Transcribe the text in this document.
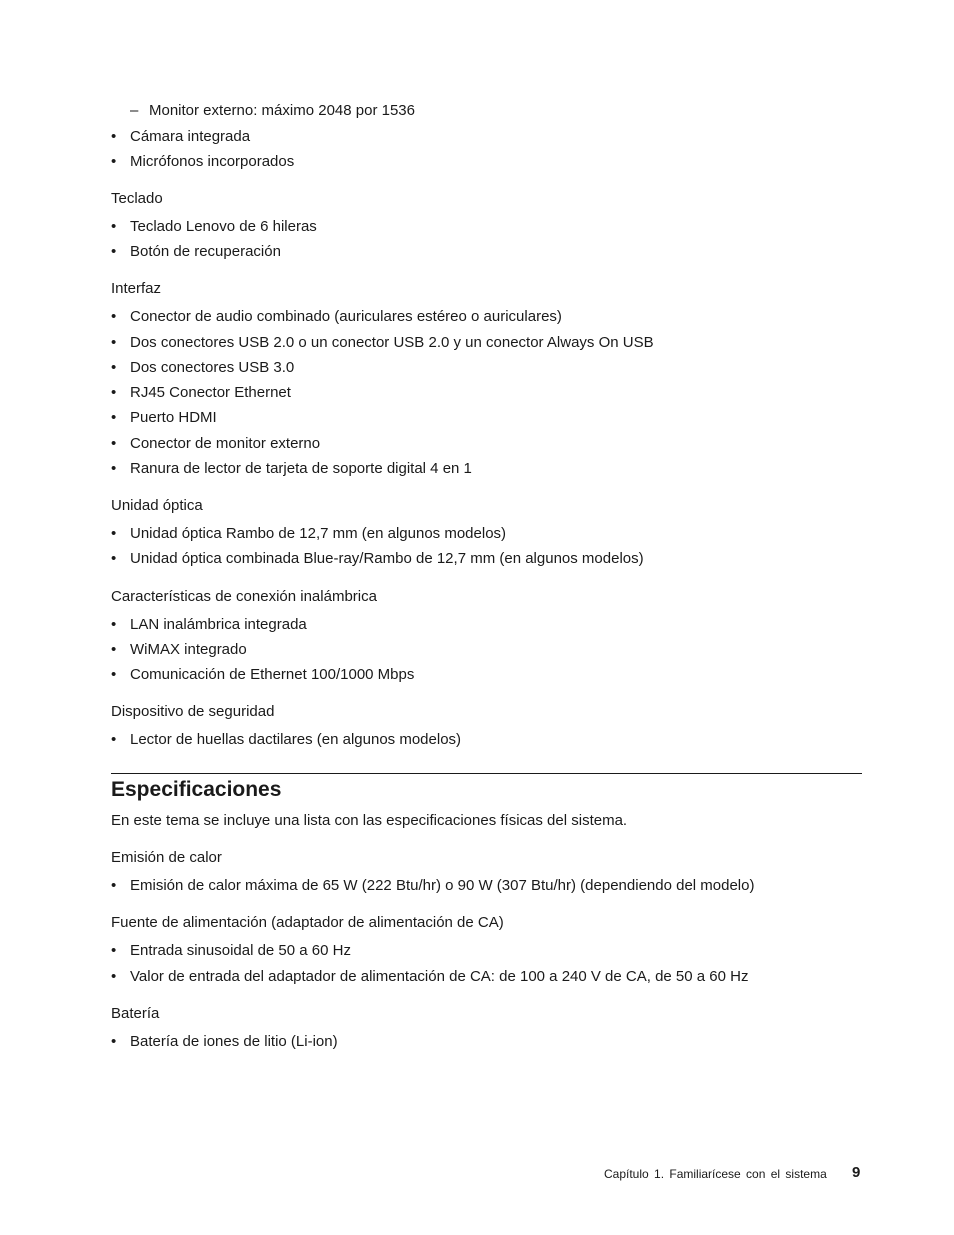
– Monitor externo: máximo 2048 por 1536
• Cámara integrada
• Micrófonos incorporados
Teclado
• Teclado Lenovo de 6 hileras
• Botón de recuperación
Interfaz
• Conector de audio combinado (auriculares estéreo o auriculares)
• Dos conectores USB 2.0 o un conector USB 2.0 y un conector Always On USB
• Dos conectores USB 3.0
• RJ45 Conector Ethernet
• Puerto HDMI
• Conector de monitor externo
• Ranura de lector de tarjeta de soporte digital 4 en 1
Unidad óptica
• Unidad óptica Rambo de 12,7 mm (en algunos modelos)
• Unidad óptica combinada Blue-ray/Rambo de 12,7 mm (en algunos modelos)
Características de conexión inalámbrica
• LAN inalámbrica integrada
• WiMAX integrado
• Comunicación de Ethernet 100/1000 Mbps
Dispositivo de seguridad
• Lector de huellas dactilares (en algunos modelos)
Especificaciones
En este tema se incluye una lista con las especificaciones físicas del sistema.
Emisión de calor
• Emisión de calor máxima de 65 W (222 Btu/hr) o 90 W (307 Btu/hr) (dependiendo del modelo)
Fuente de alimentación (adaptador de alimentación de CA)
• Entrada sinusoidal de 50 a 60 Hz
• Valor de entrada del adaptador de alimentación de CA: de 100 a 240 V de CA, de 50 a 60 Hz
Batería
• Batería de iones de litio (Li-ion)
Capítulo 1. Familiarícese con el sistema 9
